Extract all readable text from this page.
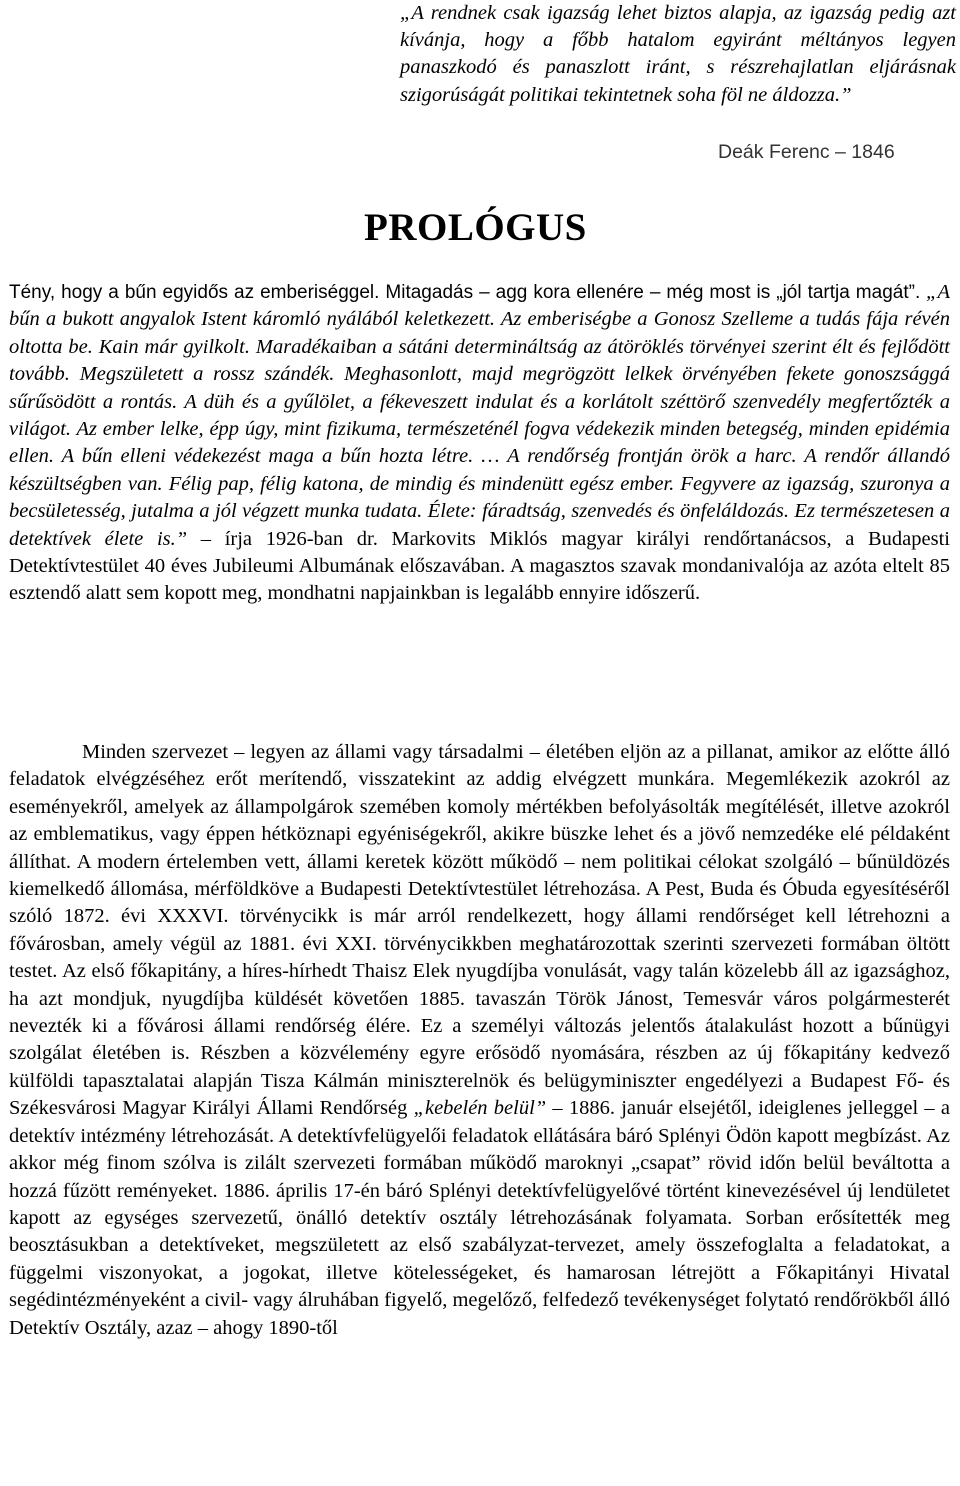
„A rendnek csak igazság lehet biztos alapja, az igazság pedig azt kívánja, hogy a főbb hatalom egyiránt méltányos legyen panaszkodó és panaszlott iránt, s részrehajlatlan eljárásnak szigorúságát politikai tekintetnek soha föl ne áldozza.”
Deák Ferenc – 1846
PROLÓGUS

Tény, hogy a bűn egyidős az emberiséggel. Mitagadás – agg kora ellenére – még most is „jól tartja magát”. „A bűn a bukott angyalok Istent káromló nyálából keletkezett. Az emberiségbe a Gonosz Szelleme a tudás fája révén oltotta be. Kain már gyilkolt. Maradékaiban a sátáni determináltság az átöröklés törvényei szerint élt és fejlődött tovább. Megszületett a rossz szándék. Meghasonlott, majd megrögzött lelkek örvényében fekete gonoszsággá sűrűsödött a rontás. A düh és a gyűlölet, a fékeveszett indulat és a korlátolt széttörő szenvedély megfertőzték a világot. Az ember lelke, épp úgy, mint fizikuma, természeténél fogva védekezik minden betegség, minden epidémia ellen. A bűn elleni védekezést maga a bűn hozta létre. … A rendőrség frontján örök a harc. A rendőr állandó készültségben van. Félig pap, félig katona, de mindig és mindenütt egész ember. Fegyvere az igazság, szuronya a becsületesség, jutalma a jól végzett munka tudata. Élete: fáradtság, szenvedés és önfeláldozás. Ez természetesen a detektívek élete is.” – írja 1926-ban dr. Markovits Miklós magyar királyi rendőrtanácsos, a Budapesti Detektívtestület 40 éves Jubileumi Albumának előszavában. A magasztos szavak mondanivalója az azóta eltelt 85 esztendő alatt sem kopott meg, mondhatni napjainkban is legalább ennyire időszerű.

Minden szervezet – legyen az állami vagy társadalmi – életében eljön az a pillanat, amikor az előtte álló feladatok elvégzéséhez erőt merítendő, visszatekint az addig elvégzett munkára. Megemlékezik azokról az eseményekről, amelyek az állampolgárok szemében komoly mértékben befolyásolták megítélését, illetve azokról az emblematikus, vagy éppen hétköznapi egyéniségekről, akikre büszke lehet és a jövő nemzedéke elé példaként állíthat. A modern értelemben vett, állami keretek között működő – nem politikai célokat szolgáló – bűnüldözés kiemelkedő állomása, mérföldköve a Budapesti Detektívtestület létrehozása. A Pest, Buda és Óbuda egyesítéséről szóló 1872. évi XXXVI. törvénycikk is már arról rendelkezett, hogy állami rendőrséget kell létrehozni a fővárosban, amely végül az 1881. évi XXI. törvénycikkben meghatározottak szerinti szervezeti formában öltött testet. Az első főkapitány, a híres-hírhedt Thaisz Elek nyugdíjba vonulását, vagy talán közelebb áll az igazsághoz, ha azt mondjuk, nyugdíjba küldését követően 1885. tavaszán Török Jánost, Temesvár város polgármesterét nevezték ki a fővárosi állami rendőrség élére. Ez a személyi változás jelentős átalakulást hozott a bűnügyi szolgálat életében is. Részben a közvélemény egyre erősödő nyomására, részben az új főkapitány kedvező külföldi tapasztalatai alapján Tisza Kálmán miniszterelnök és belügyminiszter engedélyezi a Budapest Fő- és Székesvárosi Magyar Királyi Állami Rendőrség „kebelén belül” – 1886. január elsejétől, ideiglenes jelleggel – a detektív intézmény létrehozását. A detektívfelügyelői feladatok ellátására báró Splényi Ödön kapott megbízást. Az akkor még finom szólva is zilált szervezeti formában működő maroknyi „csapat” rövid időn belül beváltotta a hozzá fűzött reményeket. 1886. április 17-én báró Splényi detektívfelügyelővé történt kinevezésével új lendületet kapott az egységes szervezetű, önálló detektív osztály létrehozásának folyamata. Sorban erősítették meg beosztásukban a detektíveket, megszületett az első szabályzat-tervezet, amely összefoglalta a feladatokat, a függelmi viszonyokat, a jogokat, illetve kötelességeket, és hamarosan létrejött a Főkapitányi Hivatal segédintézményeként a civil- vagy álruhában figyelő, megelőző, felfedező tevékenységet folytató rendőrökből álló Detektív Osztály, azaz – ahogy 1890-től
